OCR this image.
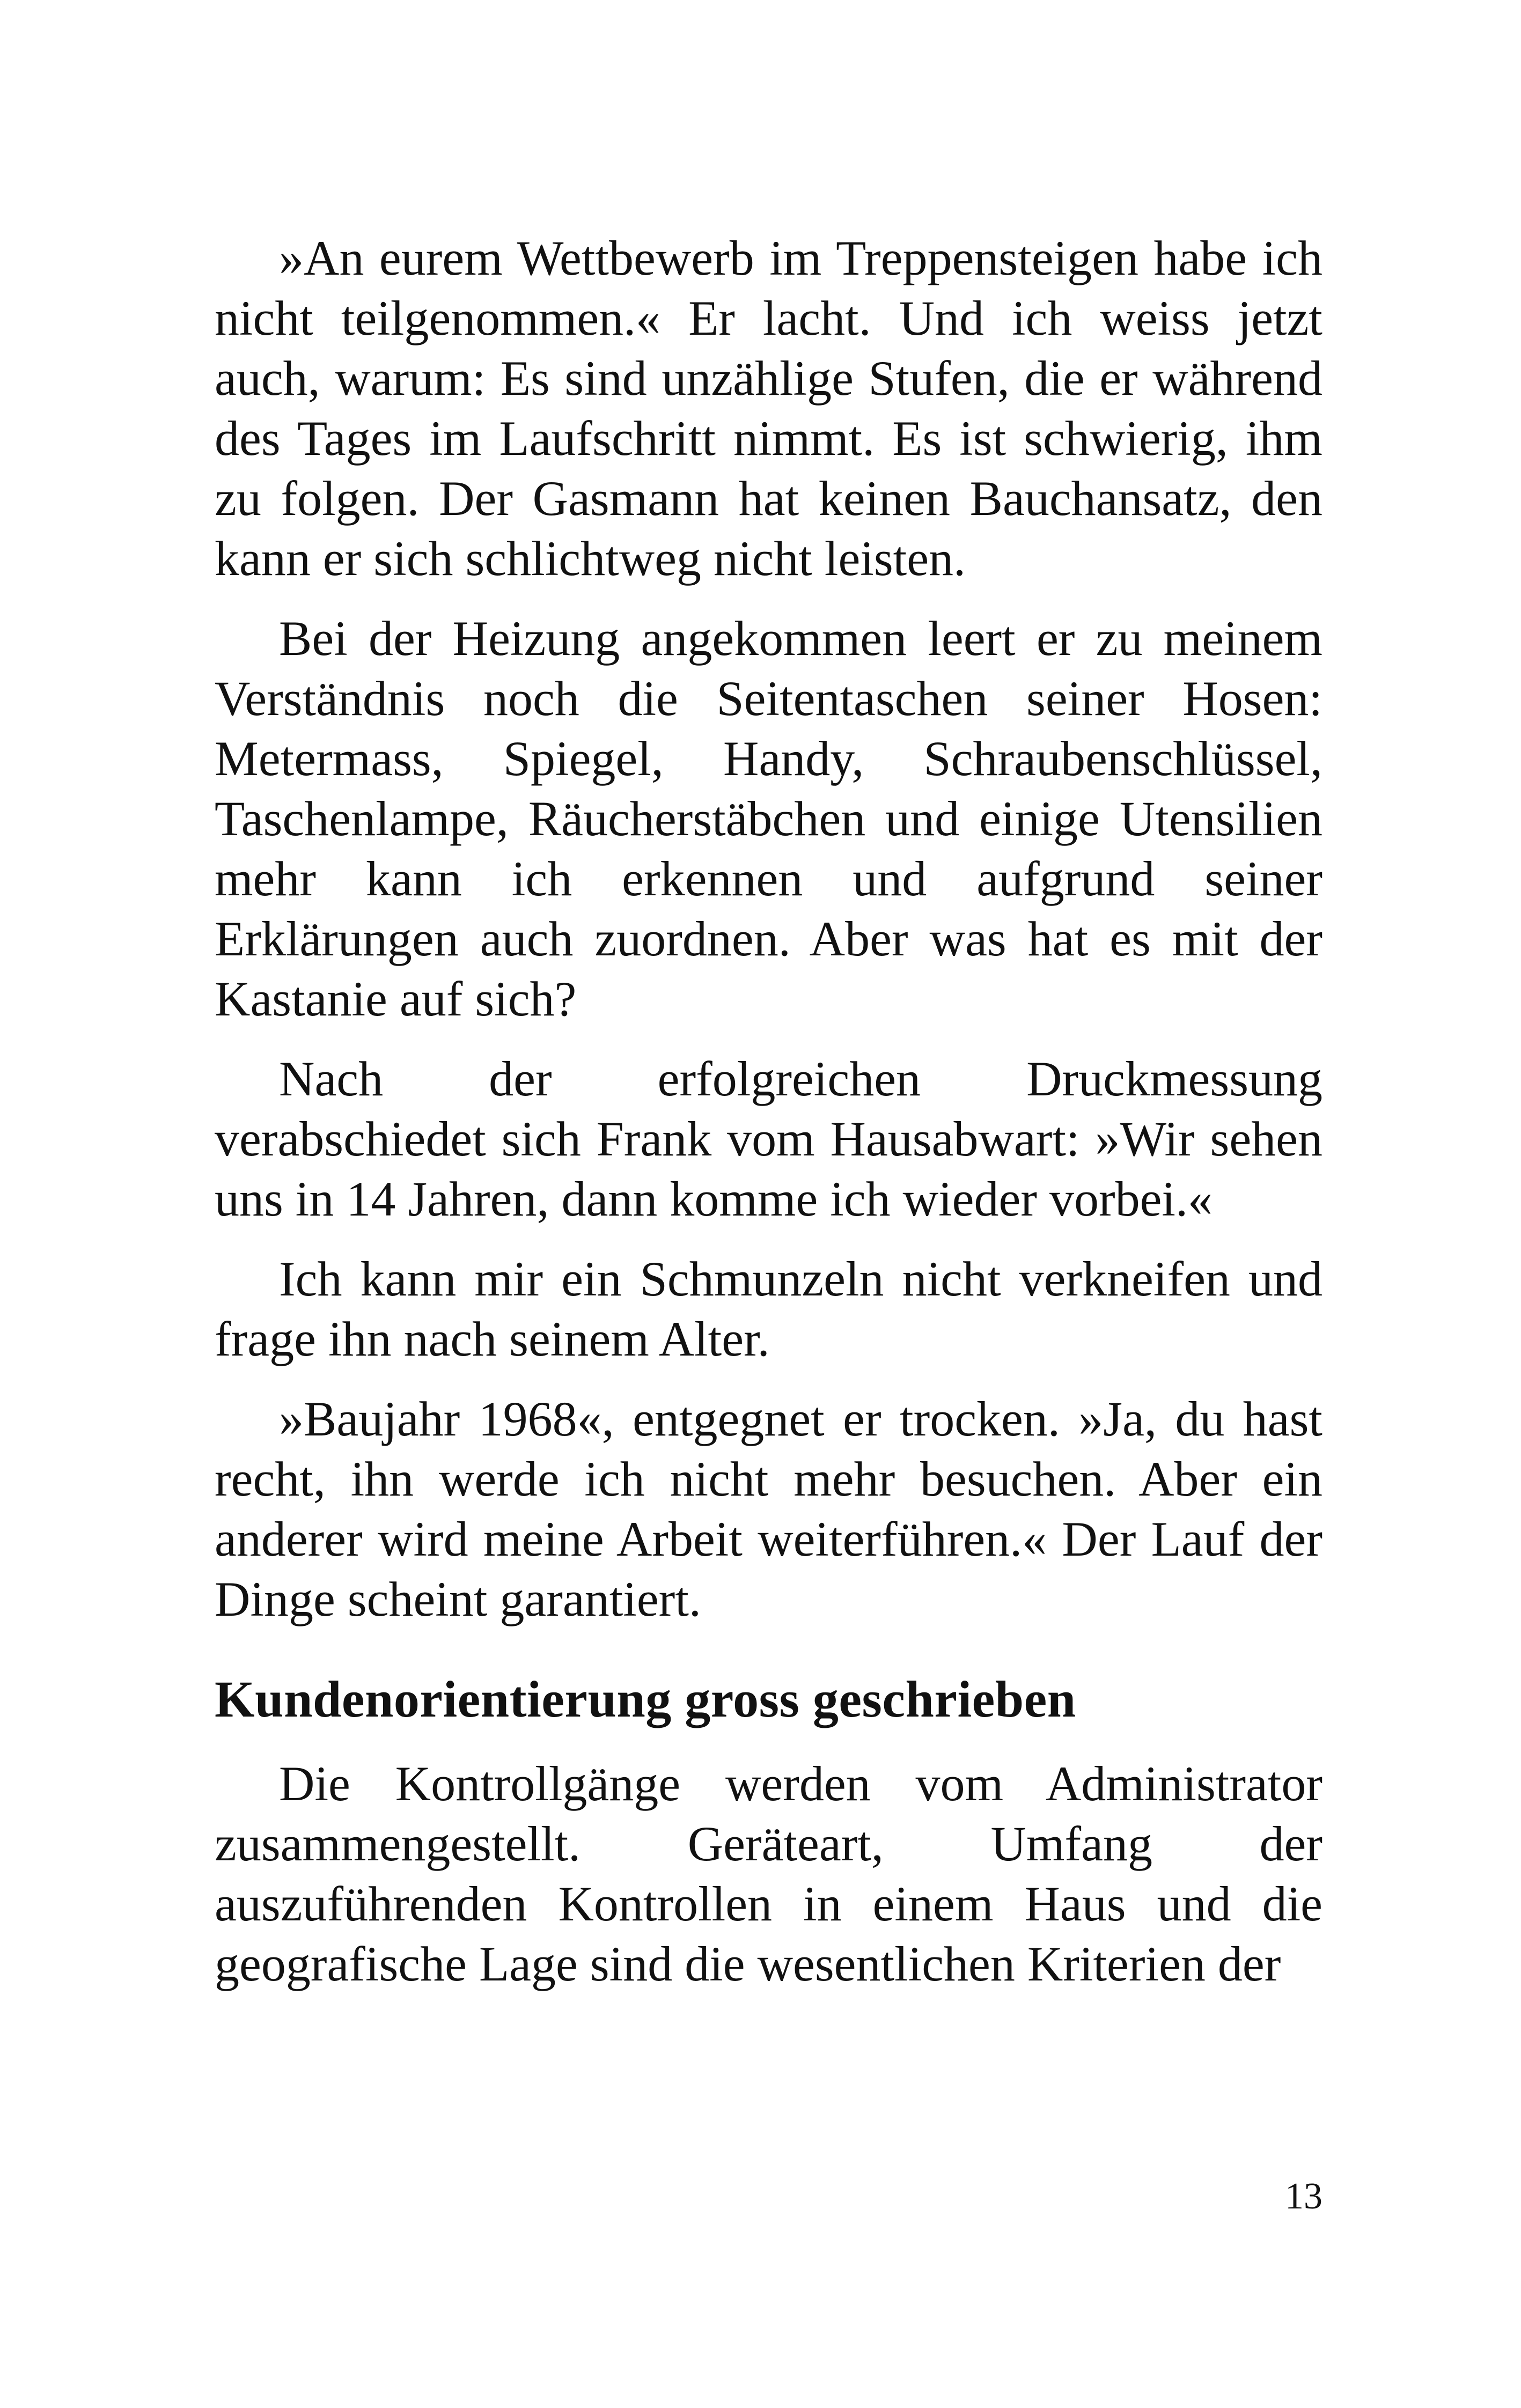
»An eurem Wettbewerb im Treppensteigen habe ich nicht teilgenommen.« Er lacht. Und ich weiss jetzt auch, warum: Es sind unzählige Stufen, die er während des Tages im Laufschritt nimmt. Es ist schwierig, ihm zu folgen. Der Gasmann hat keinen Bauchansatz, den kann er sich schlichtweg nicht leisten.

Bei der Heizung angekommen leert er zu meinem Verständnis noch die Seitentaschen seiner Hosen: Metermass, Spiegel, Handy, Schraubenschlüssel, Taschenlampe, Räucherstäbchen und einige Utensilien mehr kann ich erkennen und aufgrund seiner Erklärungen auch zuordnen. Aber was hat es mit der Kastanie auf sich?

Nach der erfolgreichen Druckmessung verabschiedet sich Frank vom Hausabwart: »Wir sehen uns in 14 Jahren, dann komme ich wieder vorbei.«

Ich kann mir ein Schmunzeln nicht verkneifen und frage ihn nach seinem Alter.

»Baujahr 1968«, entgegnet er trocken. »Ja, du hast recht, ihn werde ich nicht mehr besuchen. Aber ein anderer wird meine Arbeit weiterführen.« Der Lauf der Dinge scheint garantiert.

Kundenorientierung gross geschrieben

Die Kontrollgänge werden vom Administrator zusammengestellt. Geräteart, Umfang der auszuführenden Kontrollen in einem Haus und die geografische Lage sind die wesentlichen Kriterien der

13
